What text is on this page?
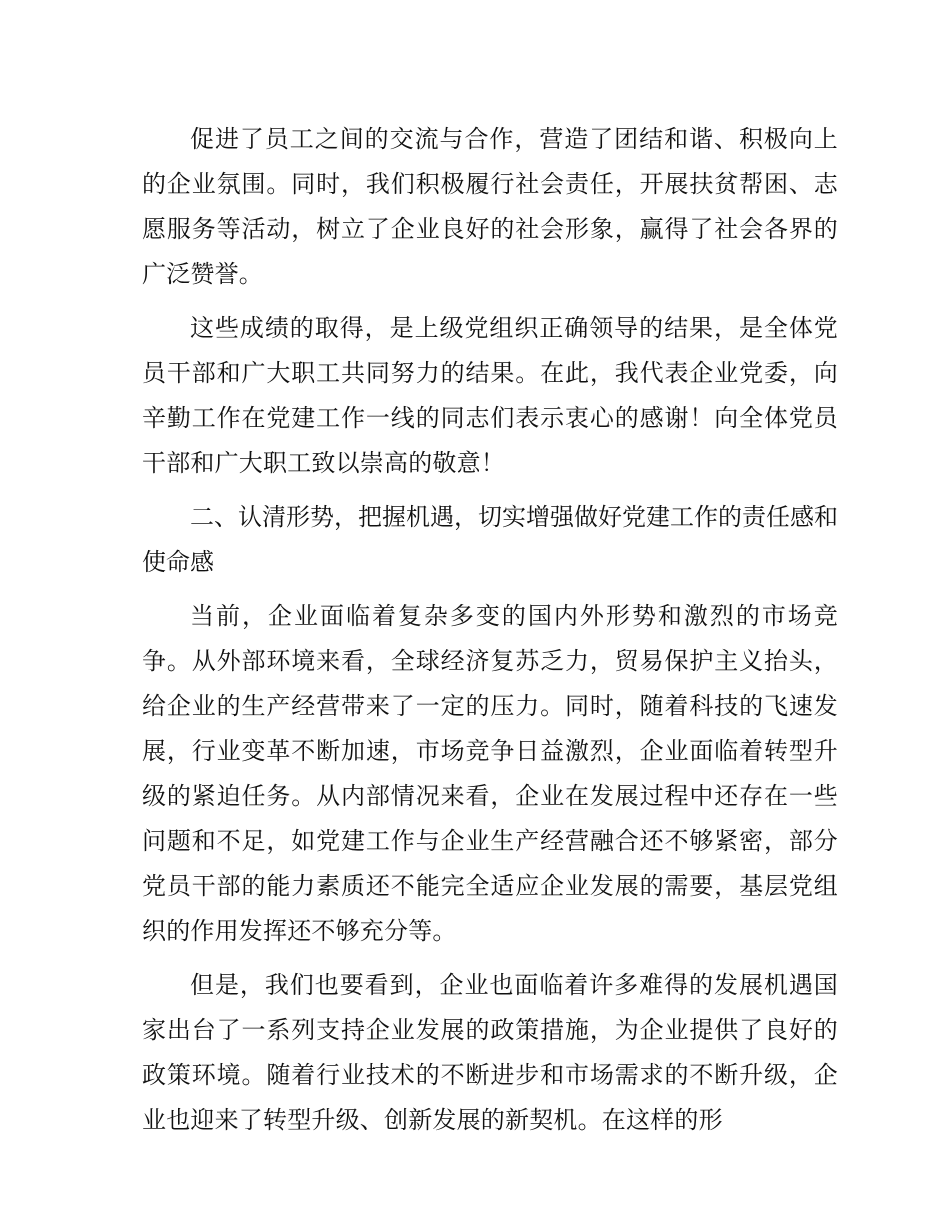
促进了员工之间的交流与合作，营造了团结和谐、积极向上的企业氛围。同时，我们积极履行社会责任，开展扶贫帮困、志愿服务等活动，树立了企业良好的社会形象，赢得了社会各界的广泛赞誉。

这些成绩的取得，是上级党组织正确领导的结果，是全体党员干部和广大职工共同努力的结果。在此，我代表企业党委，向辛勤工作在党建工作一线的同志们表示衷心的感谢！向全体党员干部和广大职工致以崇高的敬意！

二、认清形势，把握机遇，切实增强做好党建工作的责任感和使命感

当前，企业面临着复杂多变的国内外形势和激烈的市场竞争。从外部环境来看，全球经济复苏乏力，贸易保护主义抬头，给企业的生产经营带来了一定的压力。同时，随着科技的飞速发展，行业变革不断加速，市场竞争日益激烈，企业面临着转型升级的紧迫任务。从内部情况来看，企业在发展过程中还存在一些问题和不足，如党建工作与企业生产经营融合还不够紧密，部分党员干部的能力素质还不能完全适应企业发展的需要，基层党组织的作用发挥还不够充分等。

但是，我们也要看到，企业也面临着许多难得的发展机遇国家出台了一系列支持企业发展的政策措施，为企业提供了良好的政策环境。随着行业技术的不断进步和市场需求的不断升级，企业也迎来了转型升级、创新发展的新契机。在这样的形
